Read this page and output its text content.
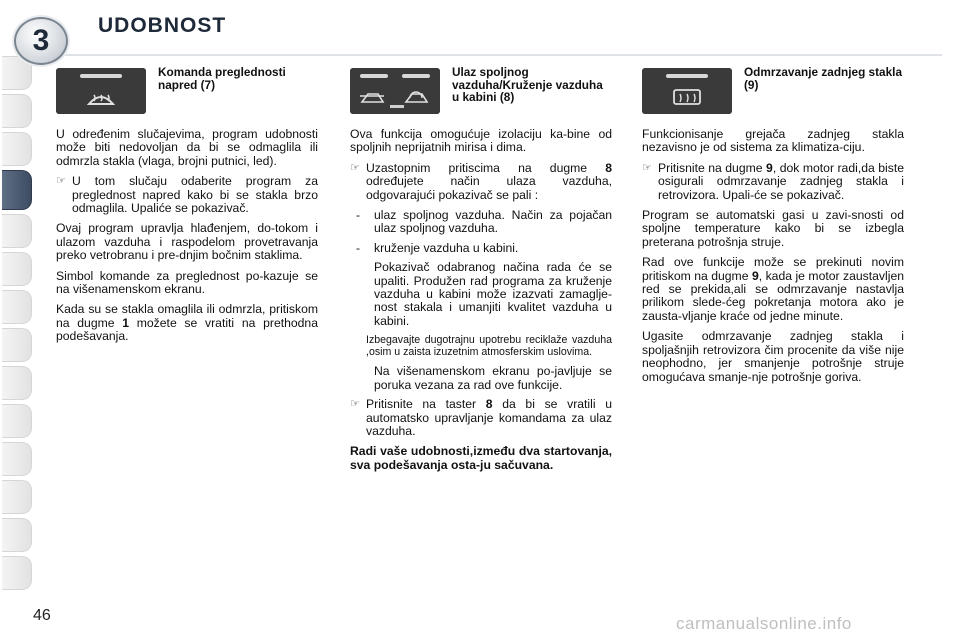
3	UDOBNOST
Komanda preglednosti napred (7)

U određenim slučajevima, program udobnosti može biti nedovoljan da bi se odmaglila ili odmrzla stakla (vlaga, brojni putnici, led).

☞ U tom slučaju odaberite program za preglednost napred kako bi se stakla brzo odmaglila. Upaliće se pokazivač.

Ovaj program upravlja hlađenjem, do-tokom i ulazom vazduha i raspodelom provetravanja preko vetrobranu i pre-dnjim bočnim staklima.

Simbol komande za preglednost po-kazuje se na višenamenskom ekranu.

Kada su se stakla omaglila ili odmrzla, pritiskom na dugme 1 možete se vratiti na prethodna podešavanja.

Ulaz spoljnog vazduha/Kruženje vazduha u kabini (8)

Ova funkcija omogućuje izolaciju ka-bine od spoljnih neprijatnih mirisa i dima.

☞ Uzastopnim pritiscima na dugme 8 određujete način ulaza vazduha, odgovarajući pokazivač se pali :
- ulaz spoljnog vazduha. Način za pojačan ulaz spoljnog vazduha.
- kruženje vazduha u kabini.
Pokazivač odabranog načina rada će se upaliti. Produžen rad programa za kruženje vazduha u kabini može izazvati zamaglje-nost stakala i umanjiti kvalitet vazduha u kabini.
Izbegavajte dugotrajnu upotrebu reciklaže vazduha ,osim u zaista izuzetnim atmosferskim uslovima.
Na višenamenskom ekranu po-javljuje se poruka vezana za rad ove funkcije.
☞ Pritisnite na taster 8 da bi se vratili u automatsko upravljanje komandama za ulaz vazduha.

Radi vaše udobnosti,između dva startovanja, sva podešavanja osta-ju sačuvana.

Odmrzavanje zadnjeg stakla (9)

Funkcionisanje grejača zadnjeg stakla nezavisno je od sistema za klimatiza-ciju.

☞ Pritisnite na dugme 9, dok motor radi,da biste osigurali odmrzavanje zadnjeg stakla i retrovizora. Upali-će se pokazivač.

Program se automatski gasi u zavi-snosti od spoljne temperature kako bi se izbegla preterana potrošnja struje.

Rad ove funkcije može se prekinuti novim pritiskom na dugme 9, kada je motor zaustavljen red se prekida,ali se odmrzavanje nastavlja prilikom slede-ćeg pokretanja motora ako je zausta-vljanje kraće od jedne minute.

Ugasite odmrzavanje zadnjeg stakla i spoljašnjih retrovizora čim procenite da više nije neophodno, jer smanjenje potrošnje struje omogućava smanje-nje potrošnje goriva.

46	carmanualsonline.info
